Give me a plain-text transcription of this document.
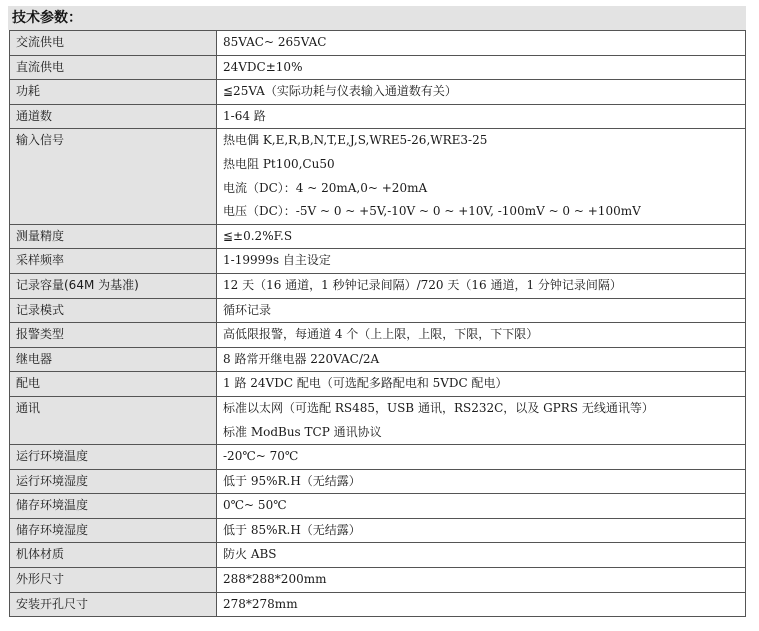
技术参数：
交流供电	85VAC~ 265VAC

直流供电	24VDC±10%

功耗	≦25VA（实际功耗与仪表输入通道数有关）

通道数	1-64 路

输入信号	热电偶 K,E,R,B,N,T,E,J,S,WRE5-26,WRE3-25
热电阻 Pt100,Cu50
电流（DC）：4 ~ 20mA,0~ +20mA
电压（DC）：-5V ~ 0 ~ +5V,-10V ~ 0 ~ +10V, -100mV ~ 0 ~ +100mV

测量精度	≦±0.2%F.S

采样频率	1-19999s 自主设定

记录容量(64M 为基准)	12 天（16 通道，1 秒钟记录间隔）/720 天（16 通道，1 分钟记录间隔）

记录模式	循环记录

报警类型	高低限报警，每通道 4 个（上上限，上限，下限，下下限）

继电器	8 路常开继电器 220VAC/2A

配电	1 路 24VDC 配电（可选配多路配电和 5VDC 配电）

通讯	标准以太网（可选配 RS485，USB 通讯，RS232C，以及 GPRS 无线通讯等）
标准 ModBus TCP 通讯协议

运行环境温度	-20℃~ 70℃

运行环境湿度	低于 95%R.H（无结露）

储存环境温度	0℃~ 50℃

储存环境湿度	低于 85%R.H（无结露）

机体材质	防火 ABS

外形尺寸	288*288*200mm

安装开孔尺寸	278*278mm
